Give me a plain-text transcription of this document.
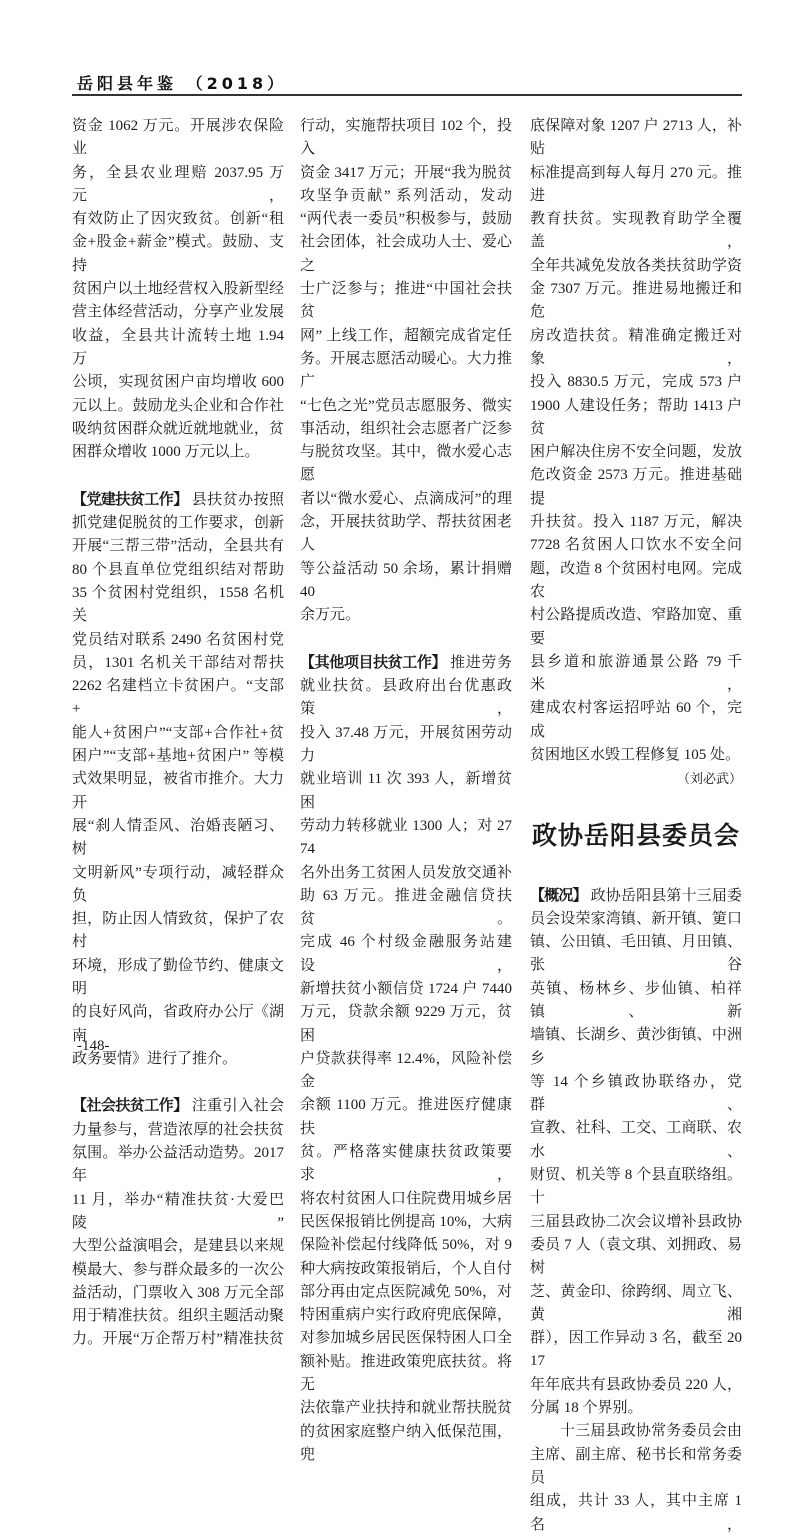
岳阳县年鉴 （2018）
资金 1062 万元。开展涉农保险业
务，全县农业理赔 2037.95 万元，
有效防止了因灾致贫。创新“租
金+股金+薪金”模式。鼓励、支持
贫困户以土地经营权入股新型经
营主体经营活动，分享产业发展
收益，全县共计流转土地 1.94 万
公顷，实现贫困户亩均增收 600
元以上。鼓励龙头企业和合作社
吸纳贫困群众就近就地就业，贫
困群众增收 1000 万元以上。
【党建扶贫工作】 县扶贫办按照
抓党建促脱贫的工作要求，创新
开展“三帮三带”活动，全县共有
80 个县直单位党组织结对帮助
35 个贫困村党组织，1558 名机关
党员结对联系 2490 名贫困村党
员，1301 名机关干部结对帮扶
2262 名建档立卡贫困户。“支部+
能人+贫困户”“支部+合作社+贫
困户”“支部+基地+贫困户” 等模
式效果明显，被省市推介。大力开
展“刹人情歪风、治婚丧陋习、树
文明新风”专项行动，减轻群众负
担，防止因人情致贫，保护了农村
环境，形成了勤俭节约、健康文明
的良好风尚，省政府办公厅《湖南
政务要情》进行了推介。
【社会扶贫工作】 注重引入社会
力量参与，营造浓厚的社会扶贫
氛围。举办公益活动造势。2017 年
11 月，举办“精准扶贫·大爱巴陵”
大型公益演唱会，是建县以来规
模最大、参与群众最多的一次公
益活动，门票收入 308 万元全部
用于精准扶贫。组织主题活动聚
力。开展“万企帮万村”精准扶贫
行动，实施帮扶项目 102 个，投入
资金 3417 万元；开展“我为脱贫
攻坚争贡献” 系列活动，发动
“两代表一委员”积极参与，鼓励
社会团体，社会成功人士、爱心之
士广泛参与；推进“中国社会扶贫
网” 上线工作，超额完成省定任
务。开展志愿活动暖心。大力推广
“七色之光”党员志愿服务、微实
事活动，组织社会志愿者广泛参
与脱贫攻坚。其中，微水爱心志愿
者以“微水爱心、点滴成河”的理
念，开展扶贫助学、帮扶贫困老人
等公益活动 50 余场，累计捐赠 40
余万元。
【其他项目扶贫工作】 推进劳务
就业扶贫。县政府出台优惠政策，
投入 37.48 万元，开展贫困劳动力
就业培训 11 次 393 人，新增贫困
劳动力转移就业 1300 人；对 2774
名外出务工贫困人员发放交通补
助 63 万元。推进金融信贷扶贫。
完成 46 个村级金融服务站建设，
新增扶贫小额信贷 1724 户 7440
万元，贷款余额 9229 万元，贫困
户贷款获得率 12.4%，风险补偿金
余额 1100 万元。推进医疗健康扶
贫。严格落实健康扶贫政策要求，
将农村贫困人口住院费用城乡居
民医保报销比例提高 10%，大病
保险补偿起付线降低 50%，对 9
种大病按政策报销后，个人自付
部分再由定点医院减免 50%，对
特困重病户实行政府兜底保障，
对参加城乡居民医保特困人口全
额补贴。推进政策兜底扶贫。将无
法依靠产业扶持和就业帮扶脱贫
的贫困家庭整户纳入低保范围，兜
底保障对象 1207 户 2713 人，补贴
标准提高到每人每月 270 元。推进
教育扶贫。实现教育助学全覆盖，
全年共减免发放各类扶贫助学资
金 7307 万元。推进易地搬迁和危
房改造扶贫。精准确定搬迁对象，
投入 8830.5 万元，完成 573 户
1900 人建设任务；帮助 1413 户贫
困户解决住房不安全问题，发放
危改资金 2573 万元。推进基础提
升扶贫。投入 1187 万元，解决
7728 名贫困人口饮水不安全问
题，改造 8 个贫困村电网。完成农
村公路提质改造、窄路加宽、重要
县乡道和旅游通景公路 79 千米，
建成农村客运招呼站 60 个，完成
贫困地区水毁工程修复 105 处。
（刘必武）
政协岳阳县委员会
【概况】 政协岳阳县第十三届委
员会设荣家湾镇、新开镇、筻口
镇、公田镇、毛田镇、月田镇、张谷
英镇、杨林乡、步仙镇、柏祥镇、新
墙镇、长湖乡、黄沙街镇、中洲乡
等 14 个乡镇政协联络办，党群、
宣教、社科、工交、工商联、农水、
财贸、机关等 8 个县直联络组。十
三届县政协二次会议增补县政协
委员 7 人（袁文琪、刘拥政、易树
芝、黄金印、徐跨纲、周立飞、黄湘
群），因工作异动 3 名，截至 2017
年年底共有县政协委员 220 人，
分属 18 个界别。
十三届县政协常务委员会由
主席、副主席、秘书长和常务委员
组成，共计 33 人，其中主席 1 名，
-148-
